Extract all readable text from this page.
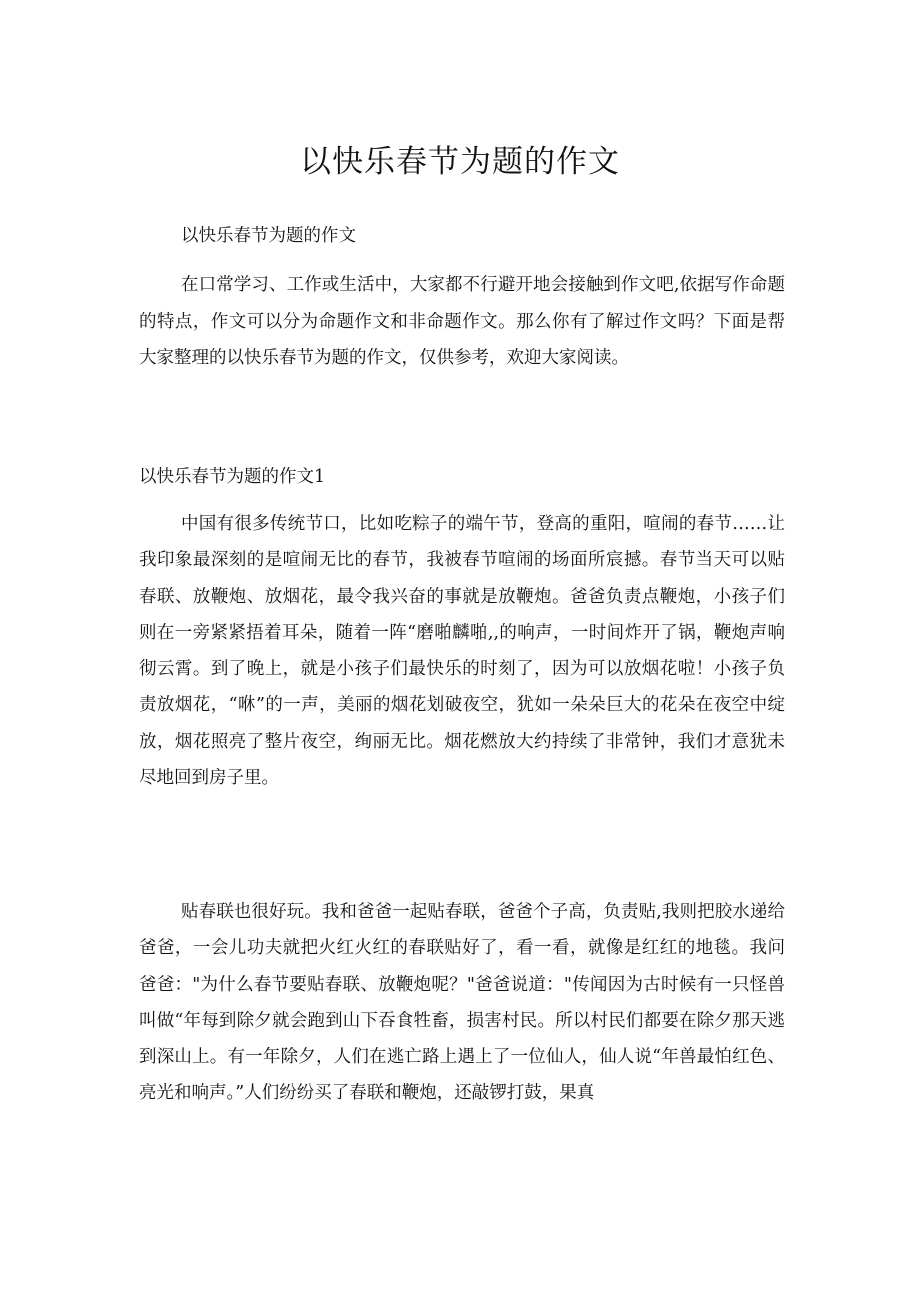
以快乐春节为题的作文

以快乐春节为题的作文

在口常学习、工作或生活中，大家都不行避开地会接触到作文吧,依据写作命题的特点，作文可以分为命题作文和非命题作文。那么你有了解过作文吗？下面是帮大家整理的以快乐春节为题的作文，仅供参考，欢迎大家阅读。

以快乐春节为题的作文1

中国有很多传统节口，比如吃粽子的端午节，登高的重阳，喧闹的春节……让我印象最深刻的是喧闹无比的春节，我被春节喧闹的场面所宸撼。春节当天可以贴春联、放鞭炮、放烟花，最令我兴奋的事就是放鞭炮。爸爸负责点鞭炮，小孩子们则在一旁紧紧捂着耳朵，随着一阵“磨啪麟啪,,的响声，一时间炸开了锅，鞭炮声响彻云霄。到了晚上，就是小孩子们最快乐的时刻了，因为可以放烟花啦！小孩子负责放烟花，“咻”的一声，美丽的烟花划破夜空，犹如一朵朵巨大的花朵在夜空中绽放，烟花照亮了整片夜空，绚丽无比。烟花燃放大约持续了非常钟，我们才意犹未尽地回到房子里。

贴春联也很好玩。我和爸爸一起贴春联，爸爸个子高，负责贴,我则把胶水递给爸爸，一会儿功夫就把火红火红的春联贴好了，看一看，就像是红红的地毯。我问爸爸："为什么春节要贴春联、放鞭炮呢？"爸爸说道："传闻因为古时候有一只怪兽叫做“年每到除夕就会跑到山下吞食牲畜，损害村民。所以村民们都要在除夕那天逃到深山上。有一年除夕，人们在逃亡路上遇上了一位仙人，仙人说“年兽最怕红色、亮光和响声。”人们纷纷买了春联和鞭炮，还敲锣打鼓，果真
